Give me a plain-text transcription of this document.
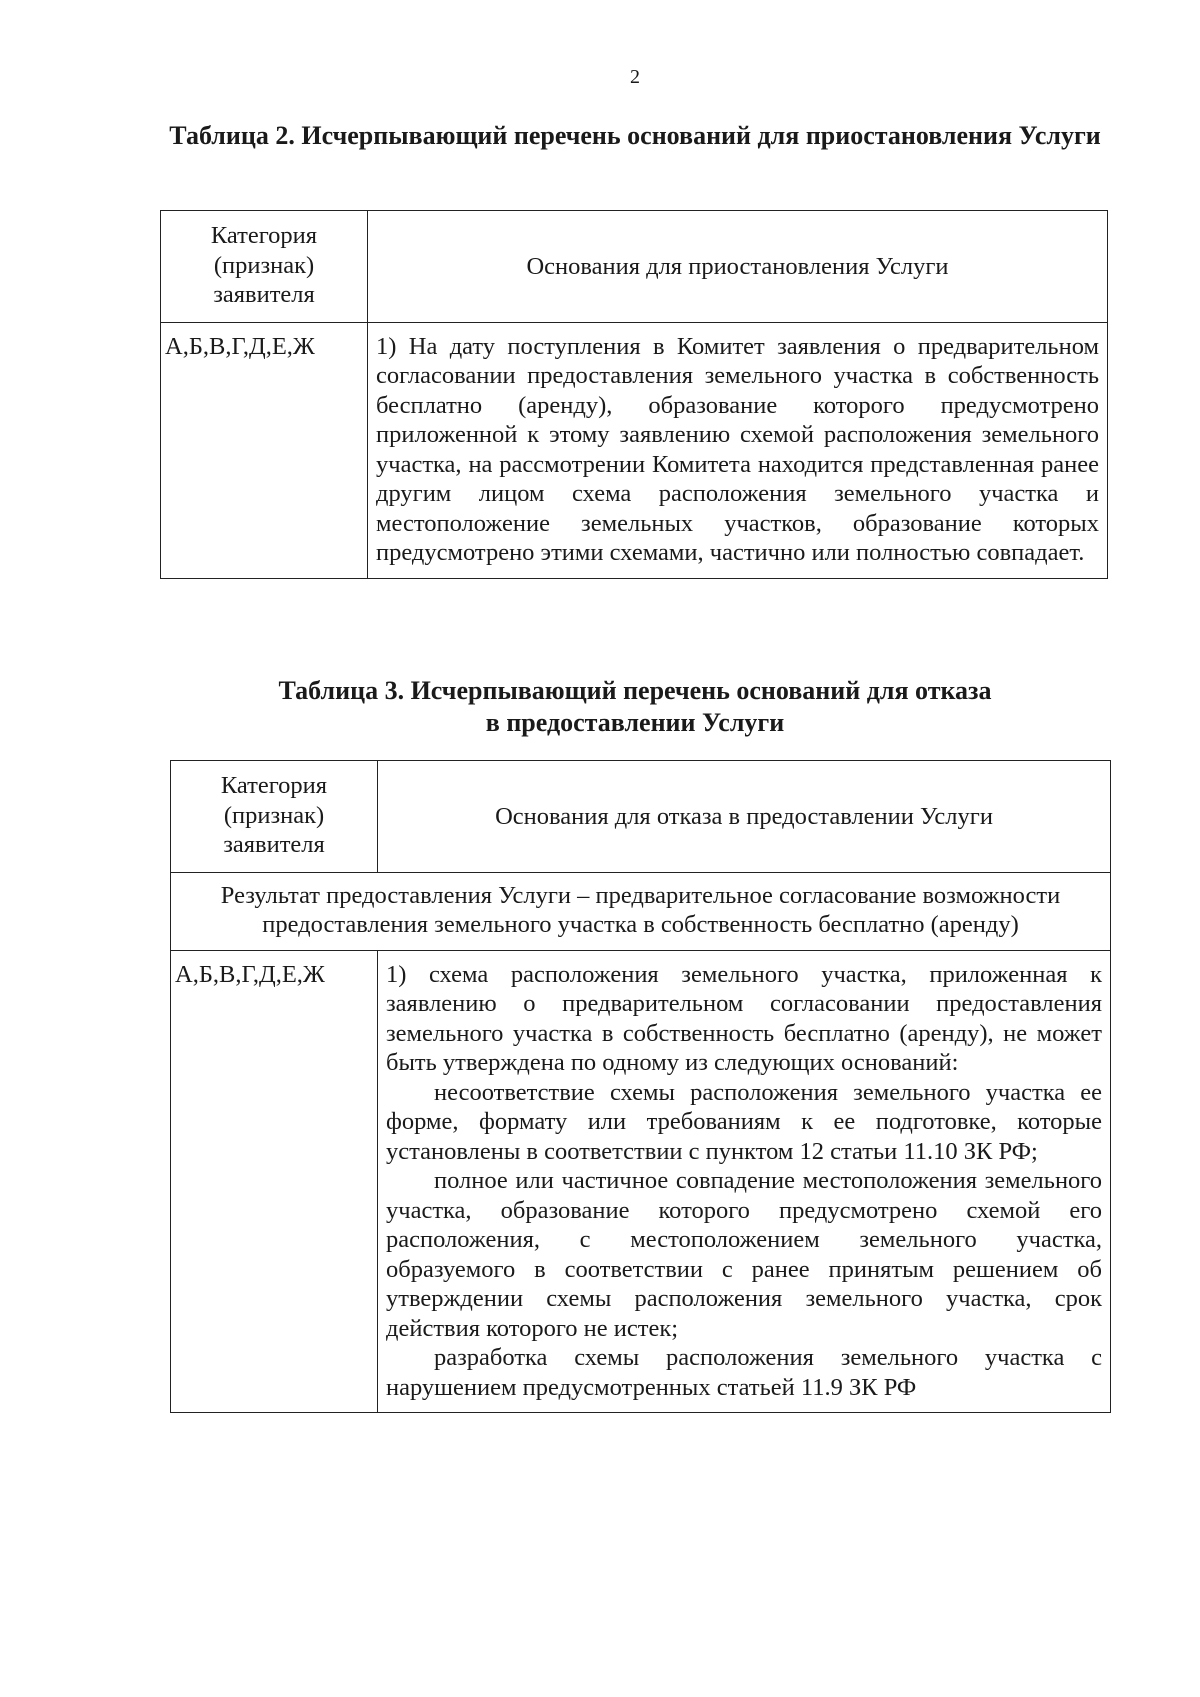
2
Таблица 2. Исчерпывающий перечень оснований для приостановления Услуги
Категория
(признак)
заявителя	Основания для приостановления Услуги
А,Б,В,Г,Д,Е,Ж	1) На дату поступления в Комитет заявления о предварительном согласовании предоставления земельного участка в собственность бесплатно (аренду), образование которого предусмотрено приложенной к этому заявлению схемой расположения земельного участка, на рассмотрении Комитета находится представленная ранее другим лицом схема расположения земельного участка и местоположение земельных участков, образование которых предусмотрено этими схемами, частично или полностью совпадает.
Таблица 3. Исчерпывающий перечень оснований для отказа
в предоставлении Услуги
Категория
(признак)
заявителя	Основания для отказа в предоставлении Услуги
Результат предоставления Услуги – предварительное согласование возможности предоставления земельного участка в собственность бесплатно (аренду)	
А,Б,В,Г,Д,Е,Ж	1) схема расположения земельного участка, приложенная к заявлению о предварительном согласовании предоставления земельного участка в собственность бесплатно (аренду), не может быть утверждена по одному из следующих оснований:
несоответствие схемы расположения земельного участка ее форме, формату или требованиям к ее подготовке, которые установлены в соответствии с пунктом 12 статьи 11.10 ЗК РФ;
полное или частичное совпадение местоположения земельного участка, образование которого предусмотрено схемой его расположения, с местоположением земельного участка, образуемого в соответствии с ранее принятым решением об утверждении схемы расположения земельного участка, срок действия которого не истек;
разработка схемы расположения земельного участка с нарушением предусмотренных статьей 11.9 ЗК РФ
